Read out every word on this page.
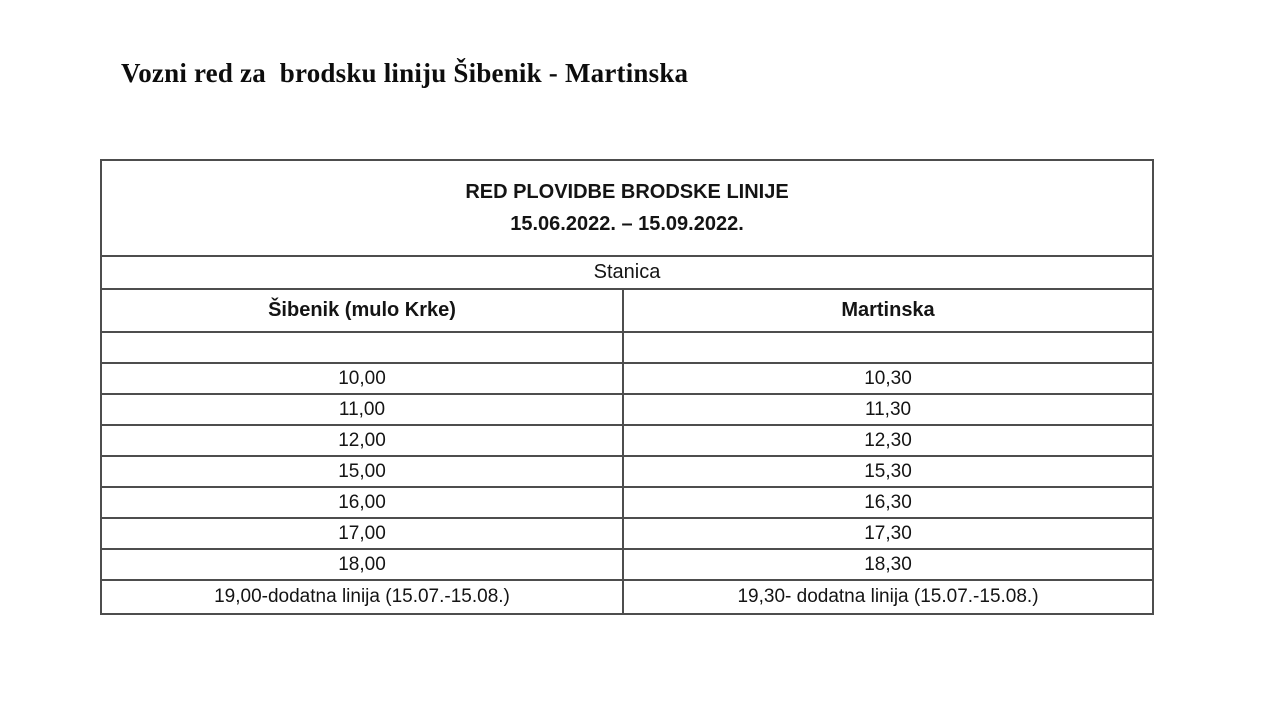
Vozni red za  brodsku liniju Šibenik - Martinska
RED PLOVIDBE BRODSKE LINIJE
15.06.2022. – 15.09.2022.	

Stanica	
Šibenik (mulo Krke)	Martinska

10,00	10,30
11,00	11,30
12,00	12,30
15,00	15,30
16,00	16,30
17,00	17,30
18,00	18,30
19,00-dodatna linija (15.07.-15.08.)	19,30- dodatna linija (15.07.-15.08.)
